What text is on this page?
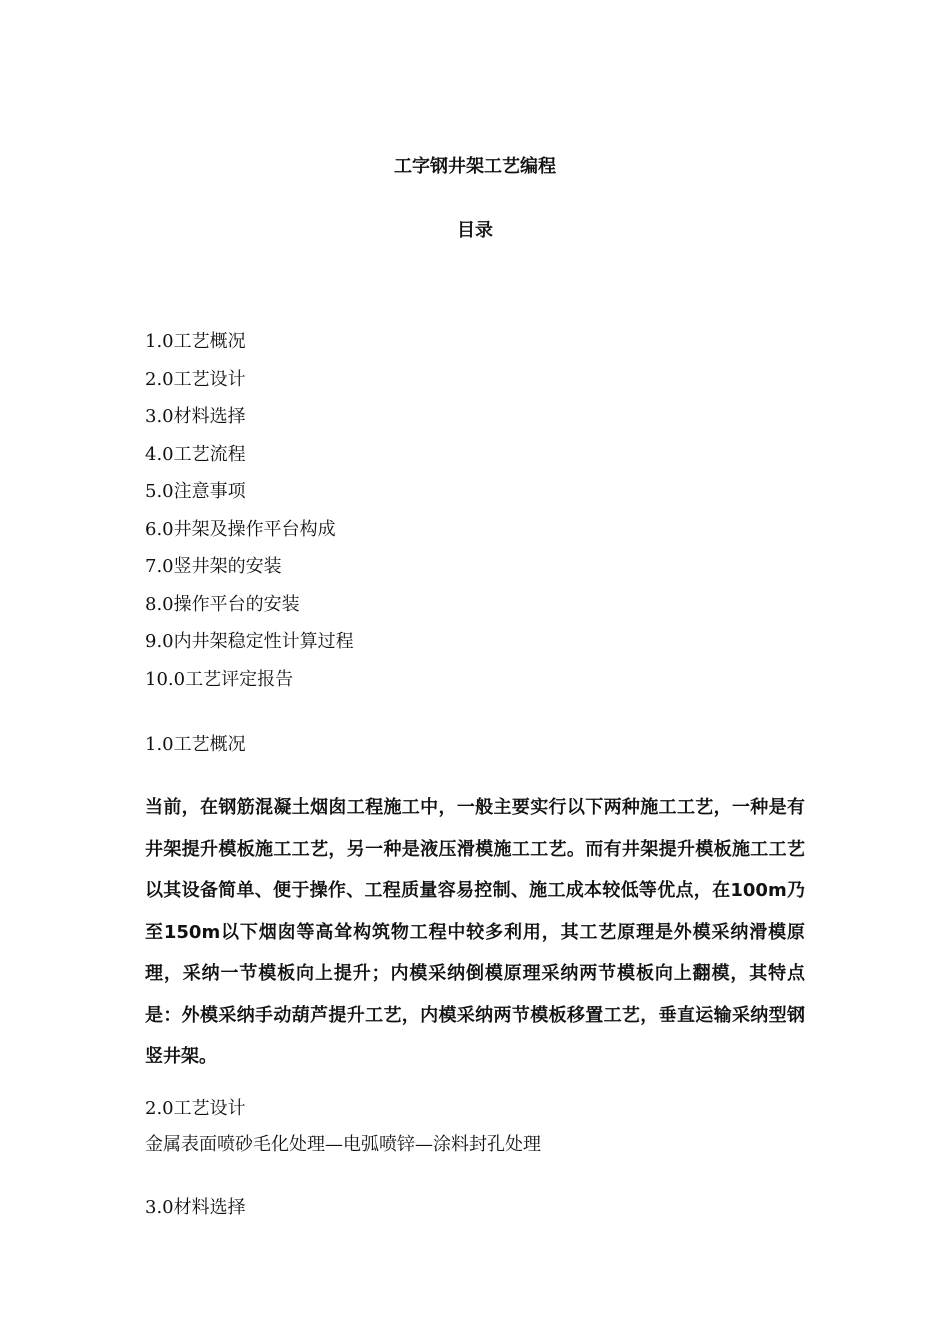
工字钢井架工艺编程
目录
1.0工艺概况
2.0工艺设计
3.0材料选择
4.0工艺流程
5.0注意事项
6.0井架及操作平台构成
7.0竖井架的安装
8.0操作平台的安装
9.0内井架稳定性计算过程
10.0工艺评定报告
1.0工艺概况

当前，在钢筋混凝土烟囱工程施工中，一般主要实行以下两种施工工艺，一种是有井架提升模板施工工艺，另一种是液压滑模施工工艺。而有井架提升模板施工工艺以其设备简单、便于操作、工程质量容易控制、施工成本较低等优点，在100m乃至150m以下烟囱等高耸构筑物工程中较多利用，其工艺原理是外模采纳滑模原理，采纳一节模板向上提升；内模采纳倒模原理采纳两节模板向上翻模，其特点是：外模采纳手动葫芦提升工艺，内模采纳两节模板移置工艺，垂直运输采纳型钢竖井架。

2.0工艺设计

金属表面喷砂毛化处理—电弧喷锌—涂料封孔处理

3.0材料选择
